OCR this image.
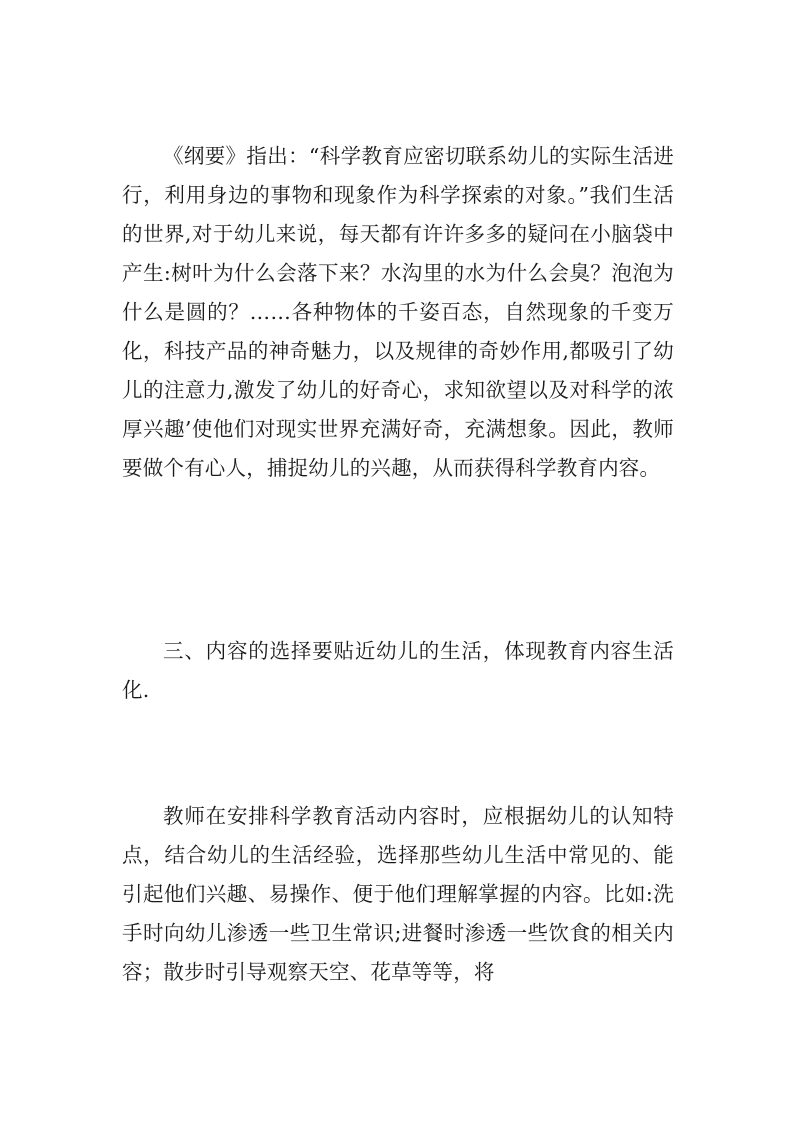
《纲要》指出：“科学教育应密切联系幼儿的实际生活进行，利用身边的事物和现象作为科学探索的对象。”我们生活的世界,对于幼儿来说，每天都有许许多多的疑问在小脑袋中产生:树叶为什么会落下来？水沟里的水为什么会臭？泡泡为什么是圆的？……各种物体的千姿百态，自然现象的千变万化，科技产品的神奇魅力，以及规律的奇妙作用,都吸引了幼儿的注意力,激发了幼儿的好奇心，求知欲望以及对科学的浓厚兴趣’使他们对现实世界充满好奇，充满想象。因此，教师要做个有心人，捕捉幼儿的兴趣，从而获得科学教育内容。

三、内容的选择要贴近幼儿的生活，体现教育内容生活化.

教师在安排科学教育活动内容时，应根据幼儿的认知特点，结合幼儿的生活经验，选择那些幼儿生活中常见的、能引起他们兴趣、易操作、便于他们理解掌握的内容。比如:洗手时向幼儿渗透一些卫生常识;进餐时渗透一些饮食的相关内容；散步时引导观察天空、花草等等，将
